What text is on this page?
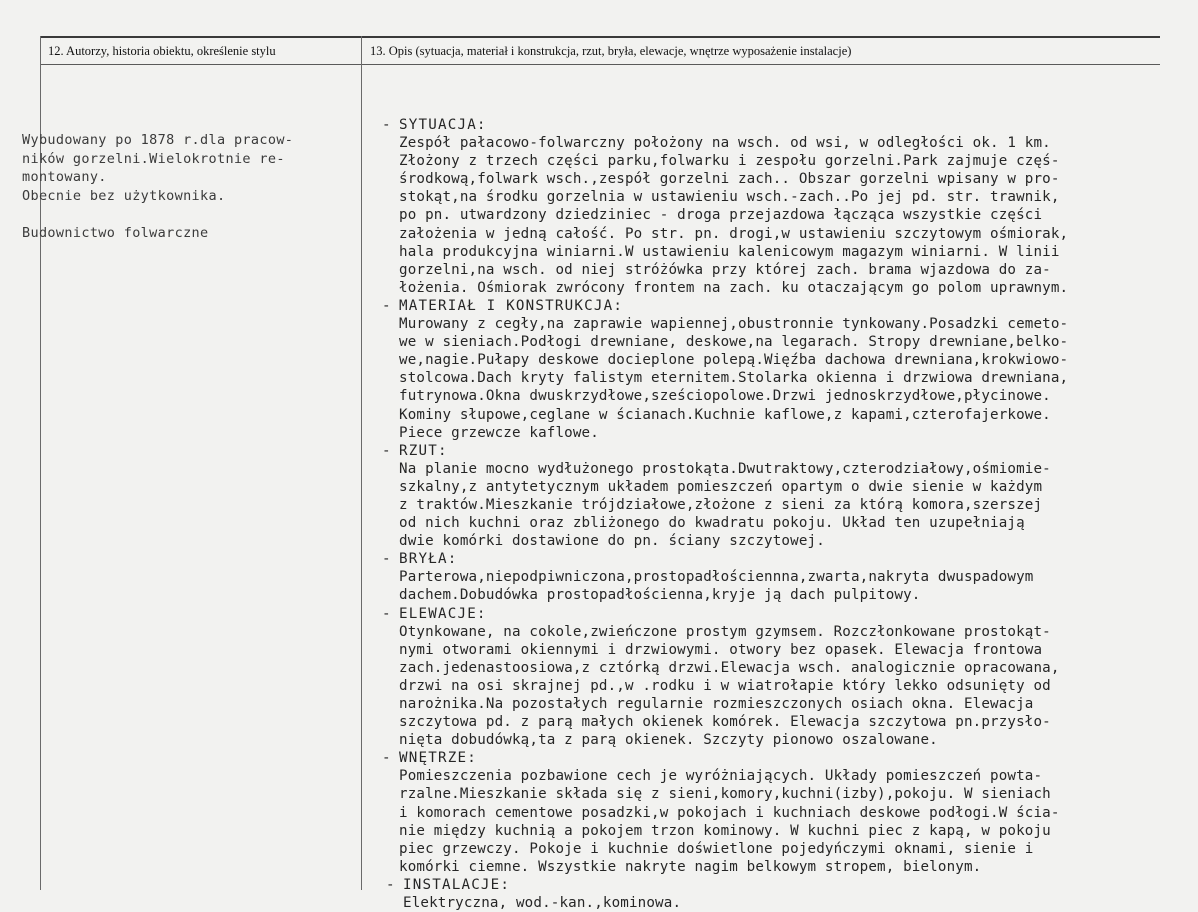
12. Autorzy, historia obiektu, określenie stylu	13. Opis (sytuacja, materiał i konstrukcja, rzut, bryła, elewacje, wnętrze wyposażenie instalacje)
Wybudowany po 1878 r.dla pracow-
ników gorzelni.Wielokrotnie re-
montowany.
Obecnie bez użytkownika.
Budownictwo folwarczne
- SYTUACJA:
Zespół pałacowo-folwarczny położony na wsch. od wsi, w odległości ok. 1 km.
Złożony z trzech części parku,folwarku i zespołu gorzelni.Park zajmuje częś-
środkową,folwark wsch.,zespół gorzelni zach.. Obszar gorzelni wpisany w pro-
stokąt,na środku gorzelnia w ustawieniu wsch.-zach..Po jej pd. str. trawnik,
po pn. utwardzony dziedziniec - droga przejazdowa łącząca wszystkie części
założenia w jedną całość. Po str. pn. drogi,w ustawieniu szczytowym ośmiorak,
hala produkcyjna winiarni.W ustawieniu kalenicowym magazym winiarni. W linii
gorzelni,na wsch. od niej stróżówka przy której zach. brama wjazdowa do za-
łożenia. Ośmiorak zwrócony frontem na zach. ku otaczającym go polom uprawnym.
- MATERIAŁ I KONSTRUKCJA:
Murowany z cegły,na zaprawie wapiennej,obustronnie tynkowany.Posadzki cemeto-
we w sieniach.Podłogi drewniane, deskowe,na legarach. Stropy drewniane,belko-
we,nagie.Pułapy deskowe docieplone polepą.Więźba dachowa drewniana,krokwiowo-
stolcowa.Dach kryty falistym eternitem.Stolarka okienna i drzwiowa drewniana,
futrynowa.Okna dwuskrzydłowe,sześciopolowe.Drzwi jednoskrzydłowe,płycinowe.
Kominy słupowe,ceglane w ścianach.Kuchnie kaflowe,z kapami,czterofajerkowe.
Piece grzewcze kaflowe.
- RZUT:
Na planie mocno wydłużonego prostokąta.Dwutraktowy,czterodziałowy,ośmiomie-
szkalny,z antytetycznym układem pomieszczeń opartym o dwie sienie w każdym
z traktów.Mieszkanie trójdziałowe,złożone z sieni za którą komora,szerszej
od nich kuchni oraz zbliżonego do kwadratu pokoju. Układ ten uzupełniają
dwie komórki dostawione do pn. ściany szczytowej.
- BRYŁA:
Parterowa,niepodpiwniczona,prostopadłościennna,zwarta,nakryta dwuspadowym
dachem.Dobudówka prostopadłościenna,kryje ją dach pulpitowy.
- ELEWACJE:
Otynkowane, na cokole,zwieńczone prostym gzymsem. Rozczłonkowane prostokąt-
nymi otworami okiennymi i drzwiowymi. otwory bez opasek. Elewacja frontowa
zach.jedenastoosiowa,z cztórką drzwi.Elewacja wsch. analogicznie opracowana,
drzwi na osi skrajnej pd.,w .rodku i w wiatrołapie który lekko odsunięty od
narożnika.Na pozostałych regularnie rozmieszczonych osiach okna. Elewacja
szczytowa pd. z parą małych okienek komórek. Elewacja szczytowa pn.przysło-
nięta dobudówką,ta z parą okienek. Szczyty pionowo oszalowane.
- WNĘTRZE:
Pomieszczenia pozbawione cech je wyróżniających. Układy pomieszczeń powta-
rzalne.Mieszkanie składa się z sieni,komory,kuchni(izby),pokoju. W sieniach
i komorach cementowe posadzki,w pokojach i kuchniach deskowe podłogi.W ścia-
nie między kuchnią a pokojem trzon kominowy. W kuchni piec z kapą, w pokoju
piec grzewczy. Pokoje i kuchnie doświetlone pojedyńczymi oknami, sienie i
komórki ciemne. Wszystkie nakryte nagim belkowym stropem, bielonym.
- INSTALACJE:
Elektryczna, wod.-kan.,kominowa.
